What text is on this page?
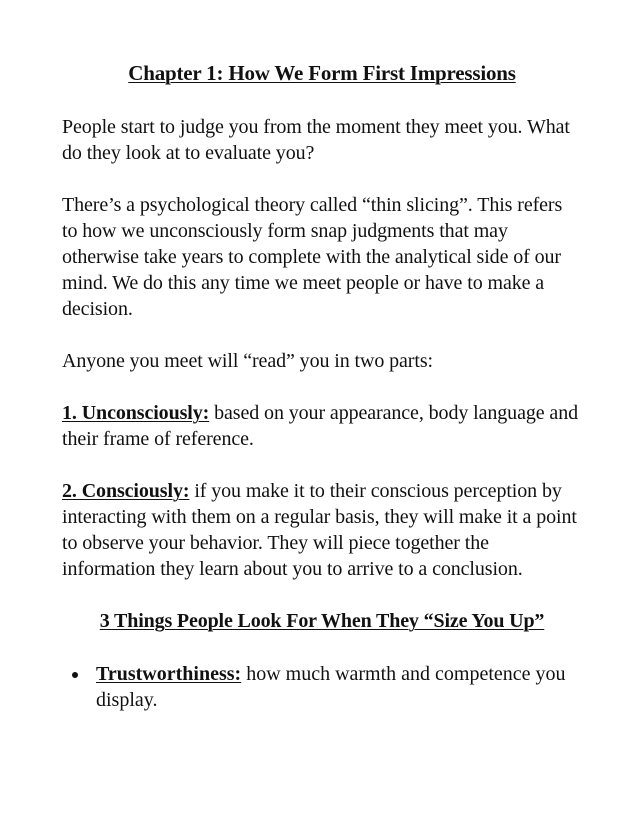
Chapter 1: How We Form First Impressions

People start to judge you from the moment they meet you. What do they look at to evaluate you?

There’s a psychological theory called “thin slicing”. This refers to how we unconsciously form snap judgments that may otherwise take years to complete with the analytical side of our mind. We do this any time we meet people or have to make a decision.

Anyone you meet will “read” you in two parts:

1. Unconsciously: based on your appearance, body language and their frame of reference.

2. Consciously: if you make it to their conscious perception by interacting with them on a regular basis, they will make it a point to observe your behavior. They will piece together the information they learn about you to arrive to a conclusion.

3 Things People Look For When They “Size You Up”
Trustworthiness: how much warmth and competence you display.
